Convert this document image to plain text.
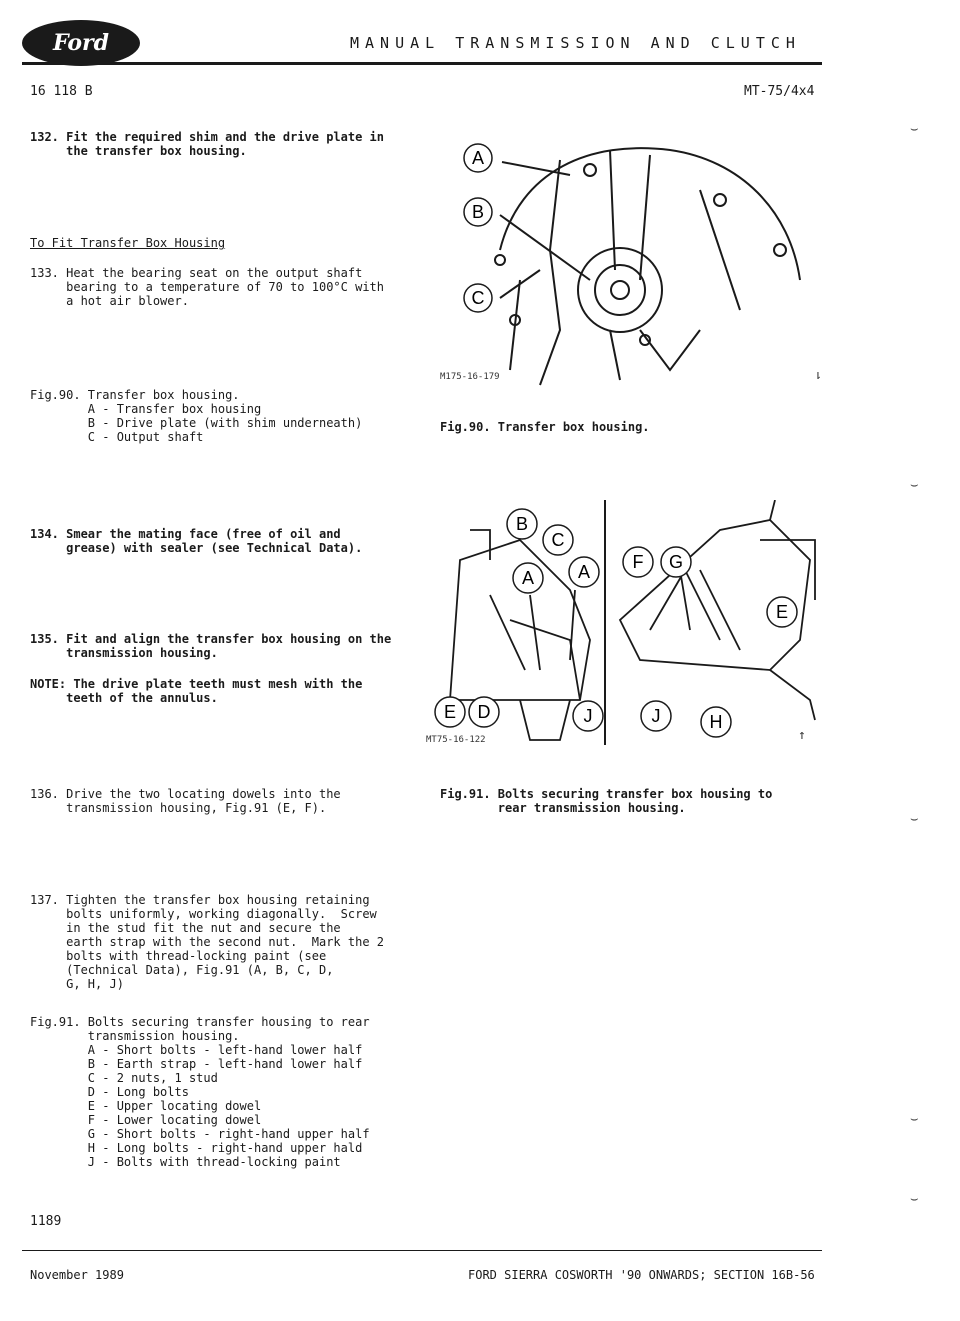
Ford	MANUAL TRANSMISSION AND CLUTCH
16 118 B	MT-75/4x4
132. Fit the required shim and the drive plate in
the transfer box housing.
To Fit Transfer Box Housing
133. Heat the bearing seat on the output shaft
bearing to a temperature of 70 to 100°C with
a hot air blower.
Fig.90. Transfer box housing.
A - Transfer box housing
B - Drive plate (with shim underneath)
C - Output shaft
134. Smear the mating face (free of oil and
grease) with sealer (see Technical Data).
135. Fit and align the transfer box housing on the
transmission housing.
NOTE: The drive plate teeth must mesh with the
teeth of the annulus.
136. Drive the two locating dowels into the
transmission housing, Fig.91 (E, F).
137. Tighten the transfer box housing retaining
bolts uniformly, working diagonally.  Screw
in the stud fit the nut and secure the
earth strap with the second nut.  Mark the 2
bolts with thread-locking paint (see
(Technical Data), Fig.91 (A, B, C, D,
G, H, J)
Fig.91. Bolts securing transfer housing to rear
transmission housing.
A - Short bolts - left-hand lower half
B - Earth strap - left-hand lower half
C - 2 nuts, 1 stud
D - Long bolts
E - Upper locating dowel
F - Lower locating dowel
G - Short bolts - right-hand upper half
H - Long bolts - right-hand upper hald
J - Bolts with thread-locking paint
A
B
C
M175-16-179	⇂
Fig.90. Transfer box housing.
B
C
A A
E D	J
F G
E
J	H
MT75-16-122	↑
Fig.91. Bolts securing transfer box housing to
rear transmission housing.
⌣
⌣
⌣
⌣
⌣
1189
November 1989	FORD SIERRA COSWORTH '90 ONWARDS; SECTION 16B-56
